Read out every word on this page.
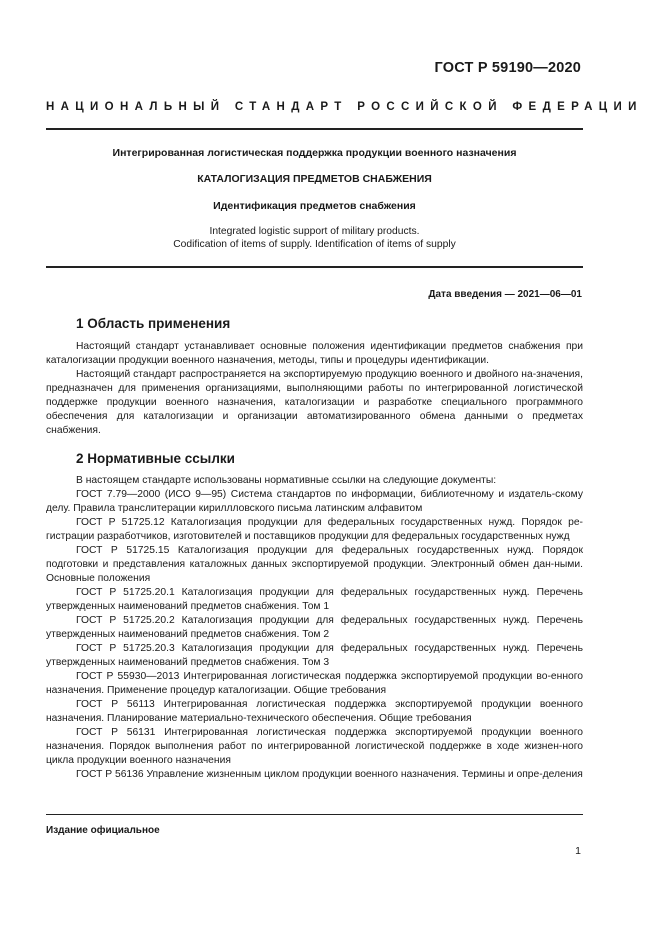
ГОСТ Р 59190—2020
НАЦИОНАЛЬНЫЙ СТАНДАРТ РОССИЙСКОЙ ФЕДЕРАЦИИ
Интегрированная логистическая поддержка продукции военного назначения
КАТАЛОГИЗАЦИЯ ПРЕДМЕТОВ СНАБЖЕНИЯ
Идентификация предметов снабжения
Integrated logistic support of military products.
Codification of items of supply. Identification of items of supply
Дата введения — 2021—06—01
1 Область применения

Настоящий стандарт устанавливает основные положения идентификации предметов снабжения при каталогизации продукции военного назначения, методы, типы и процедуры идентификации.

Настоящий стандарт распространяется на экспортируемую продукцию военного и двойного на-значения, предназначен для применения организациями, выполняющими работы по интегрированной логистической поддержке продукции военного назначения, каталогизации и разработке специального программного обеспечения для каталогизации и организации автоматизированного обмена данными о предметах снабжения.

2 Нормативные ссылки

В настоящем стандарте использованы нормативные ссылки на следующие документы:

ГОСТ 7.79—2000 (ИСО 9—95) Система стандартов по информации, библиотечному и издатель-скому делу. Правила транслитерации кириллловского письма латинским алфавитом

ГОСТ Р 51725.12 Каталогизация продукции для федеральных государственных нужд. Порядок ре-гистрации разработчиков, изготовителей и поставщиков продукции для федеральных государственных нужд

ГОСТ Р 51725.15 Каталогизация продукции для федеральных государственных нужд. Порядок подготовки и представления каталожных данных экспортируемой продукции. Электронный обмен дан-ными. Основные положения

ГОСТ Р 51725.20.1 Каталогизация продукции для федеральных государственных нужд. Перечень утвержденных наименований предметов снабжения. Том 1

ГОСТ Р 51725.20.2 Каталогизация продукции для федеральных государственных нужд. Перечень утвержденных наименований предметов снабжения. Том 2

ГОСТ Р 51725.20.3 Каталогизация продукции для федеральных государственных нужд. Перечень утвержденных наименований предметов снабжения. Том 3

ГОСТ Р 55930—2013 Интегрированная логистическая поддержка экспортируемой продукции во-енного назначения. Применение процедур каталогизации. Общие требования

ГОСТ Р 56113 Интегрированная логистическая поддержка экспортируемой продукции военного назначения. Планирование материально-технического обеспечения. Общие требования

ГОСТ Р 56131 Интегрированная логистическая поддержка экспортируемой продукции военного назначения. Порядок выполнения работ по интегрированной логистической поддержке в ходе жизнен-ного цикла продукции военного назначения

ГОСТ Р 56136 Управление жизненным циклом продукции военного назначения. Термины и опре-деления

Издание официальное
1
